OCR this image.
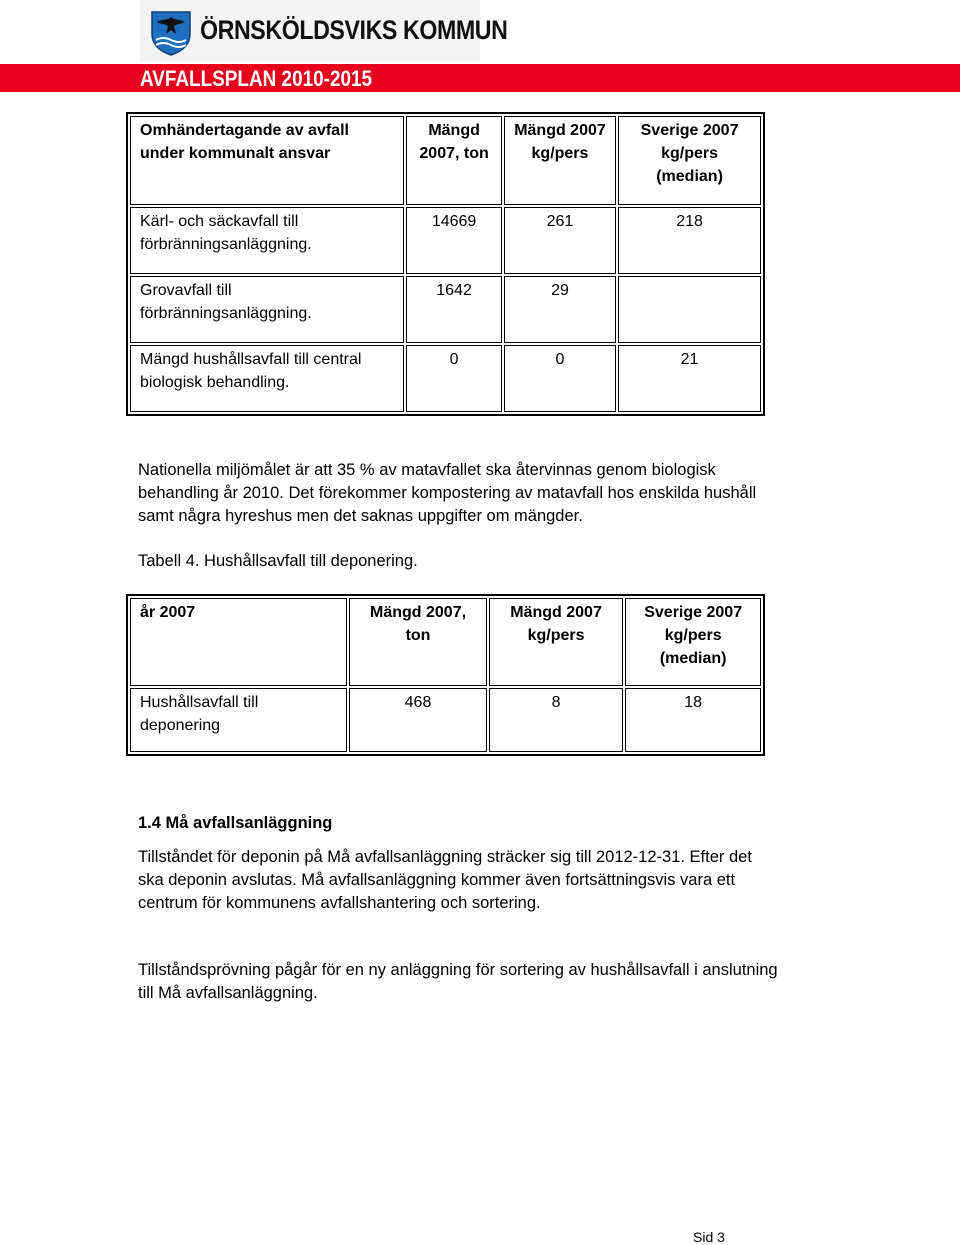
ÖRNSKÖLDSVIKS KOMMUN
AVFALLSPLAN 2010-2015
Omhändertagande av avfall under kommunalt ansvar	Mängd 2007, ton	Mängd 2007 kg/pers	Sverige 2007 kg/pers (median)
Kärl- och säckavfall till förbränningsanläggning.	14669	261	218
Grovavfall till förbränningsanläggning.	1642	29	
Mängd hushållsavfall till central biologisk behandling.	0	0	21

Nationella miljömålet är att 35 % av matavfallet ska återvinnas genom biologisk behandling år 2010. Det förekommer kompostering av matavfall hos enskilda hushåll samt några hyreshus men det saknas uppgifter om mängder.

Tabell 4. Hushållsavfall till deponering.

år 2007	Mängd 2007, ton	Mängd 2007 kg/pers	Sverige 2007 kg/pers (median)
Hushållsavfall till deponering	468	8	18
1.4 Må avfallsanläggning

Tillståndet för deponin på Må avfallsanläggning sträcker sig till 2012-12-31. Efter det ska deponin avslutas. Må avfallsanläggning kommer även fortsättningsvis vara ett centrum för kommunens avfallshantering och sortering.

Tillståndsprövning pågår för en ny anläggning för sortering av hushållsavfall i anslutning till Må avfallsanläggning.

Sid 3
